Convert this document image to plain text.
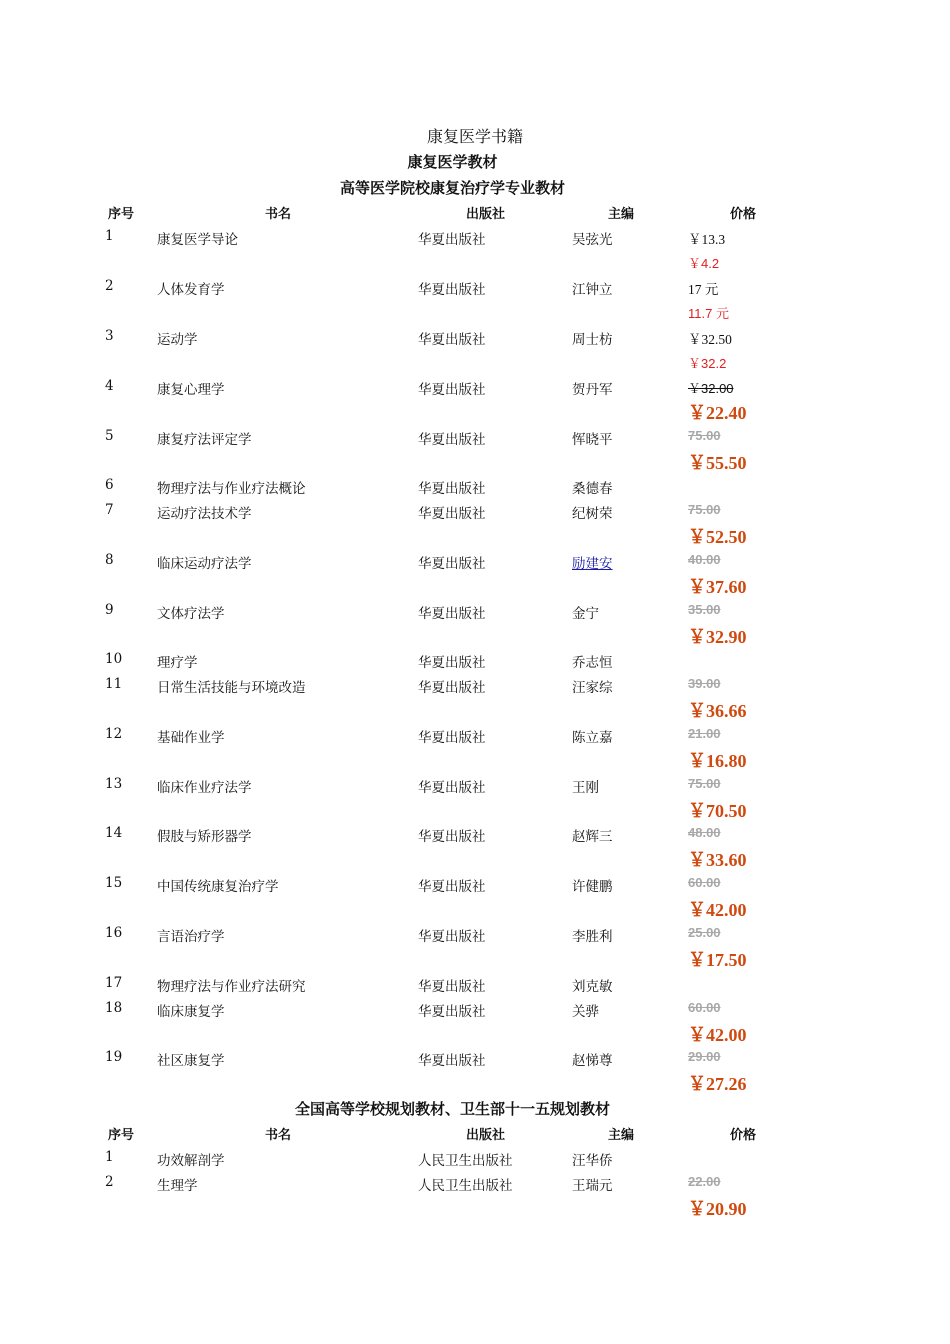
康复医学书籍
康复医学教材
高等医学院校康复治疗学专业教材
序号	书名	出版社	主编	价格
1	康复医学导论	华夏出版社	吴弦光	￥13.3
￥4.2
2	人体发育学	华夏出版社	江钟立	17 元
11.7 元
3	运动学	华夏出版社	周士枋	￥32.50
￥32.2
4	康复心理学	华夏出版社	贺丹军	￥32.00
￥22.40
5	康复疗法评定学	华夏出版社	恽晓平	75.00
￥55.50
6	物理疗法与作业疗法概论	华夏出版社	桑德春
7	运动疗法技术学	华夏出版社	纪树荣	75.00
￥52.50
8	临床运动疗法学	华夏出版社	励建安	40.00
￥37.60
9	文体疗法学	华夏出版社	金宁	35.00
￥32.90
10	理疗学	华夏出版社	乔志恒
11	日常生活技能与环境改造	华夏出版社	汪家综	39.00
￥36.66
12	基础作业学	华夏出版社	陈立嘉	21.00
￥16.80
13	临床作业疗法学	华夏出版社	王刚	75.00
￥70.50
14	假肢与矫形器学	华夏出版社	赵辉三	48.00
￥33.60
15	中国传统康复治疗学	华夏出版社	许健鹏	60.00
￥42.00
16	言语治疗学	华夏出版社	李胜利	25.00
￥17.50
17	物理疗法与作业疗法研究	华夏出版社	刘克敏
18	临床康复学	华夏出版社	关骅	60.00
￥42.00
19	社区康复学	华夏出版社	赵悌尊	29.00
￥27.26
全国高等学校规划教材、卫生部十一五规划教材
序号	书名	出版社	主编	价格
1	功效解剖学	人民卫生出版社	汪华侨
2	生理学	人民卫生出版社	王瑞元	22.00
￥20.90
